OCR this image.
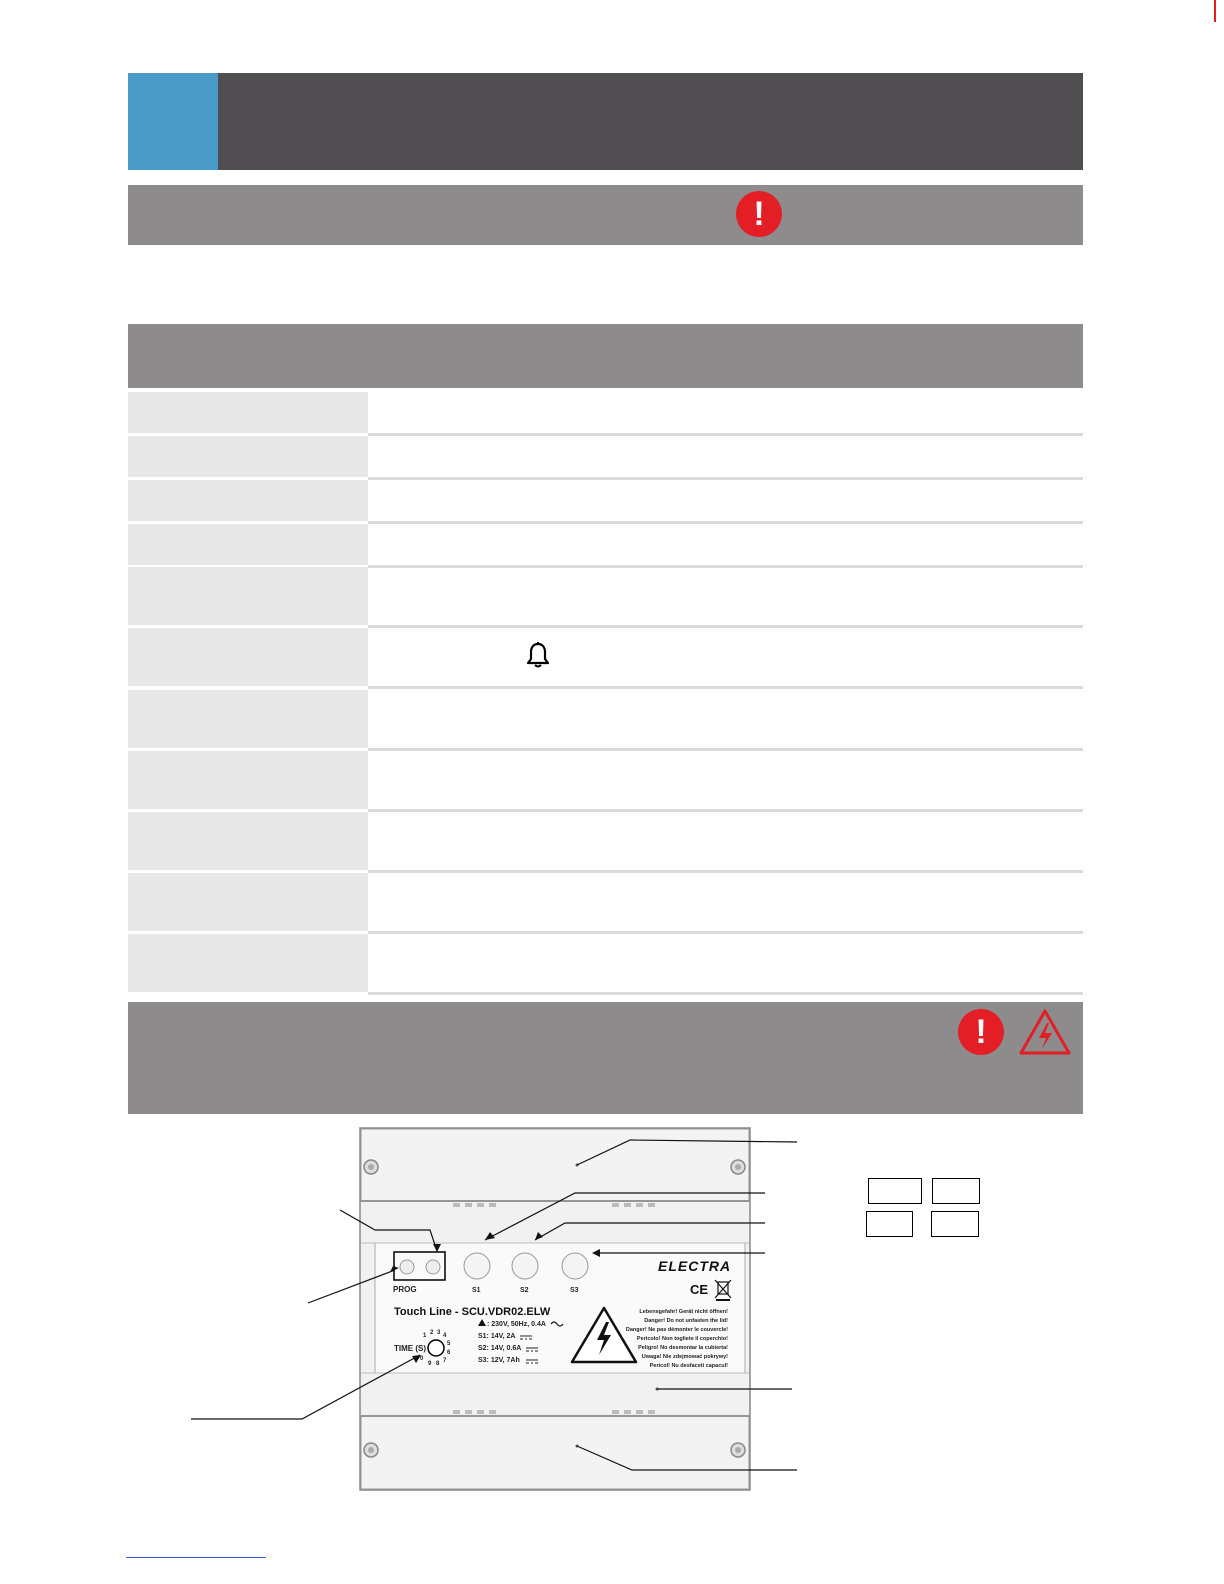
!
!
PROG	S1	S2	S3
ELECTRA
CE
Touch Line - SCU.VDR02.ELW
TIME (S)
0
1 2 3 4
5
6
7
8
9
: 230V, 50Hz, 0.4A
S1: 14V, 2A
S2: 14V, 0.6A
S3: 12V, 7Ah
Lebensgefahr! Gerät nicht öffnen!
Danger! Do not unfasten the lid!
Danger! Ne pas démonter le couvercle!
Pericolo! Non togliete il coperchio!
Peligro! No desmontar la cubierta!
Uwaga! Nie zdejmować pokrywy!
Pericol! Nu desfaceti capacul!
